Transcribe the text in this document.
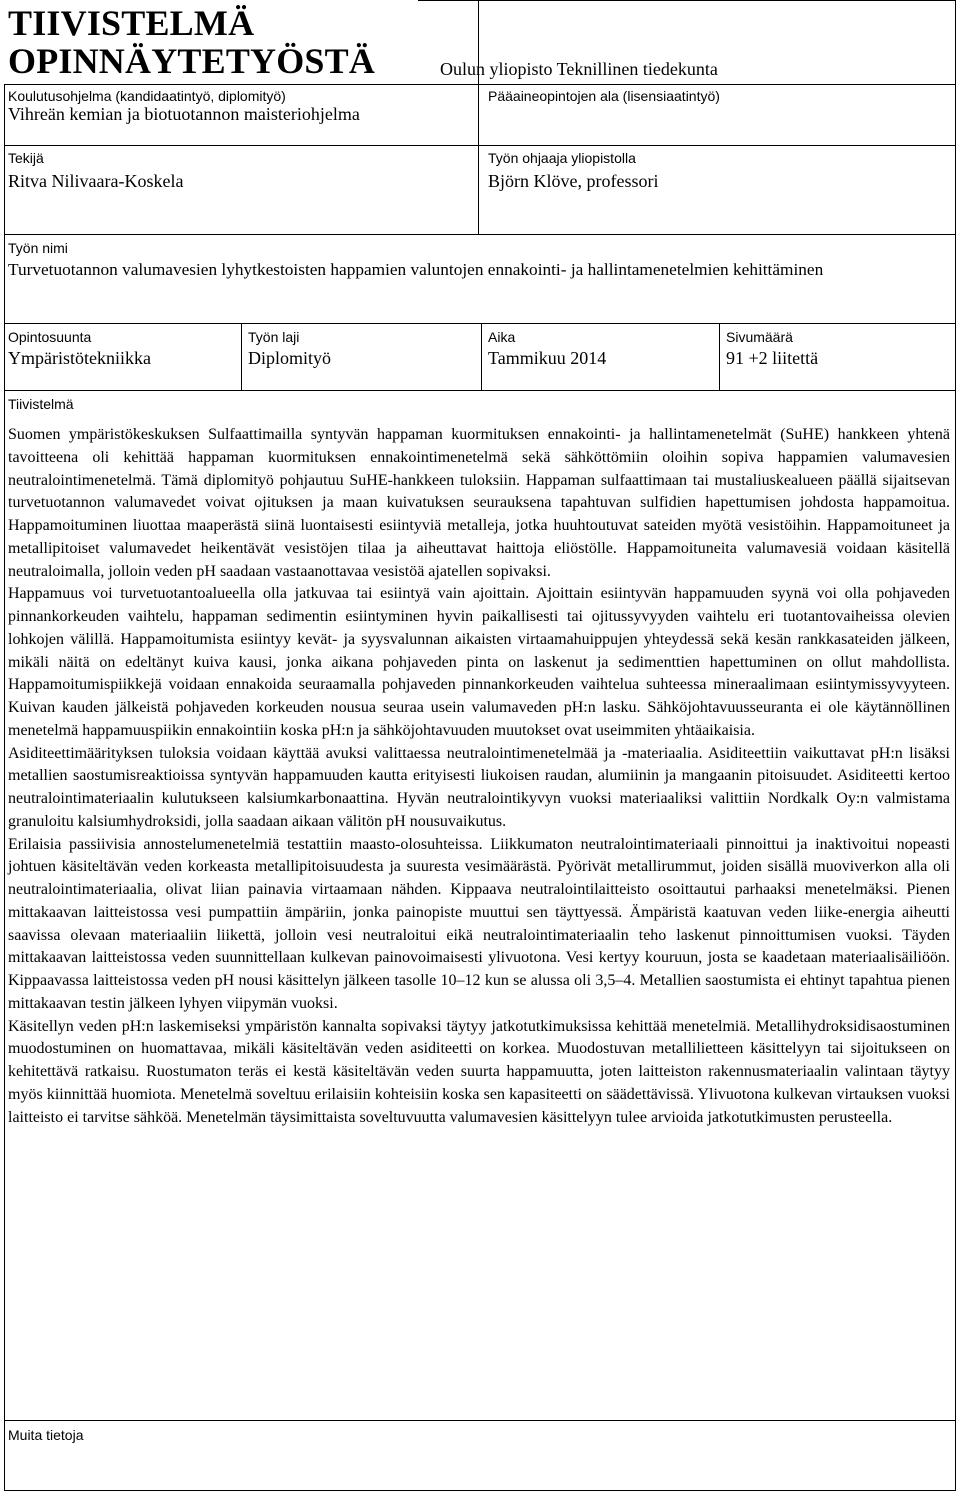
TIIVISTELMÄ
OPINNÄYTETYÖSTÄ	Oulun yliopisto Teknillinen tiedekunta
Koulutusohjelma (kandidaatintyö, diplomityö)
Vihreän kemian ja biotuotannon maisteriohjelma
Pääaineopintojen ala (lisensiaatintyö)
Tekijä
Ritva Nilivaara-Koskela
Työn ohjaaja yliopistolla
Björn Klöve, professori
Työn nimi
Turvetuotannon valumavesien lyhytkestoisten happamien valuntojen ennakointi- ja hallintamenetelmien kehittäminen
Opintosuunta
Ympäristötekniikka
Työn laji
Diplomityö
Aika
Tammikuu 2014
Sivumäärä
91 +2 liitettä
Tiivistelmä

Suomen ympäristökeskuksen Sulfaattimailla syntyvän happaman kuormituksen ennakointi- ja hallintamenetelmät (SuHE) hankkeen yhtenä tavoitteena oli kehittää happaman kuormituksen ennakointimenetelmä sekä sähköttömiin oloihin sopiva happamien valumavesien neutralointimenetelmä. Tämä diplomityö pohjautuu SuHE-hankkeen tuloksiin. Happaman sulfaattimaan tai mustaliuskealueen päällä sijaitsevan turvetuotannon valumavedet voivat ojituksen ja maan kuivatuksen seurauksena tapahtuvan sulfidien hapettumisen johdosta happamoitua. Happamoituminen liuottaa maaperästä siinä luontaisesti esiintyviä metalleja, jotka huuhtoutuvat sateiden myötä vesistöihin. Happamoituneet ja metallipitoiset valumavedet heikentävät vesistöjen tilaa ja aiheuttavat haittoja eliöstölle. Happamoituneita valumavesiä voidaan käsitellä neutraloimalla, jolloin veden pH saadaan vastaanottavaa vesistöä ajatellen sopivaksi.

Happamuus voi turvetuotantoalueella olla jatkuvaa tai esiintyä vain ajoittain. Ajoittain esiintyvän happamuuden syynä voi olla pohjaveden pinnankorkeuden vaihtelu, happaman sedimentin esiintyminen hyvin paikallisesti tai ojitussyvyyden vaihtelu eri tuotantovaiheissa olevien lohkojen välillä. Happamoitumista esiintyy kevät- ja syysvalunnan aikaisten virtaamahuippujen yhteydessä sekä kesän rankkasateiden jälkeen, mikäli näitä on edeltänyt kuiva kausi, jonka aikana pohjaveden pinta on laskenut ja sedimenttien hapettuminen on ollut mahdollista. Happamoitumispiikkejä voidaan ennakoida seuraamalla pohjaveden pinnankorkeuden vaihtelua suhteessa mineraalimaan esiintymissyvyyteen. Kuivan kauden jälkeistä pohjaveden korkeuden nousua seuraa usein valumaveden pH:n lasku. Sähköjohtavuusseuranta ei ole käytännöllinen menetelmä happamuuspiikin ennakointiin koska pH:n ja sähköjohtavuuden muutokset ovat useimmiten yhtäaikaisia.

Asiditeettimäärityksen tuloksia voidaan käyttää avuksi valittaessa neutralointimenetelmää ja -materiaalia. Asiditeettiin vaikuttavat pH:n lisäksi metallien saostumisreaktioissa syntyvän happamuuden kautta erityisesti liukoisen raudan, alumiinin ja mangaanin pitoisuudet. Asiditeetti kertoo neutralointimateriaalin kulutukseen kalsiumkarbonaattina. Hyvän neutralointikyvyn vuoksi materiaaliksi valittiin Nordkalk Oy:n valmistama granuloitu kalsiumhydroksidi, jolla saadaan aikaan välitön pH nousuvaikutus.

Erilaisia passiivisia annostelumenetelmiä testattiin maasto-olosuhteissa. Liikkumaton neutralointimateriaali pinnoittui ja inaktivoitui nopeasti johtuen käsiteltävän veden korkeasta metallipitoisuudesta ja suuresta vesimäärästä. Pyörivät metallirummut, joiden sisällä muoviverkon alla oli neutralointimateriaalia, olivat liian painavia virtaamaan nähden. Kippaava neutralointilaitteisto osoittautui parhaaksi menetelmäksi. Pienen mittakaavan laitteistossa vesi pumpattiin ämpäriin, jonka painopiste muuttui sen täyttyessä. Ämpäristä kaatuvan veden liike-energia aiheutti saavissa olevaan materiaaliin liikettä, jolloin vesi neutraloitui eikä neutralointimateriaalin teho laskenut pinnoittumisen vuoksi. Täyden mittakaavan laitteistossa veden suunnittellaan kulkevan painovoimaisesti ylivuotona. Vesi kertyy kouruun, josta se kaadetaan materiaalisäiliöön. Kippaavassa laitteistossa veden pH nousi käsittelyn jälkeen tasolle 10–12 kun se alussa oli 3,5–4. Metallien saostumista ei ehtinyt tapahtua pienen mittakaavan testin jälkeen lyhyen viipymän vuoksi.

Käsitellyn veden pH:n laskemiseksi ympäristön kannalta sopivaksi täytyy jatkotutkimuksissa kehittää menetelmiä. Metallihydroksidisaostuminen muodostuminen on huomattavaa, mikäli käsiteltävän veden asiditeetti on korkea. Muodostuvan metallilietteen käsittelyyn tai sijoitukseen on kehitettävä ratkaisu. Ruostumaton teräs ei kestä käsiteltävän veden suurta happamuutta, joten laitteiston rakennusmateriaalin valintaan täytyy myös kiinnittää huomiota. Menetelmä soveltuu erilaisiin kohteisiin koska sen kapasiteetti on säädettävissä. Ylivuotona kulkevan virtauksen vuoksi laitteisto ei tarvitse sähköä. Menetelmän täysimittaista soveltuvuutta valumavesien käsittelyyn tulee arvioida jatkotutkimusten perusteella.

Muita tietoja
